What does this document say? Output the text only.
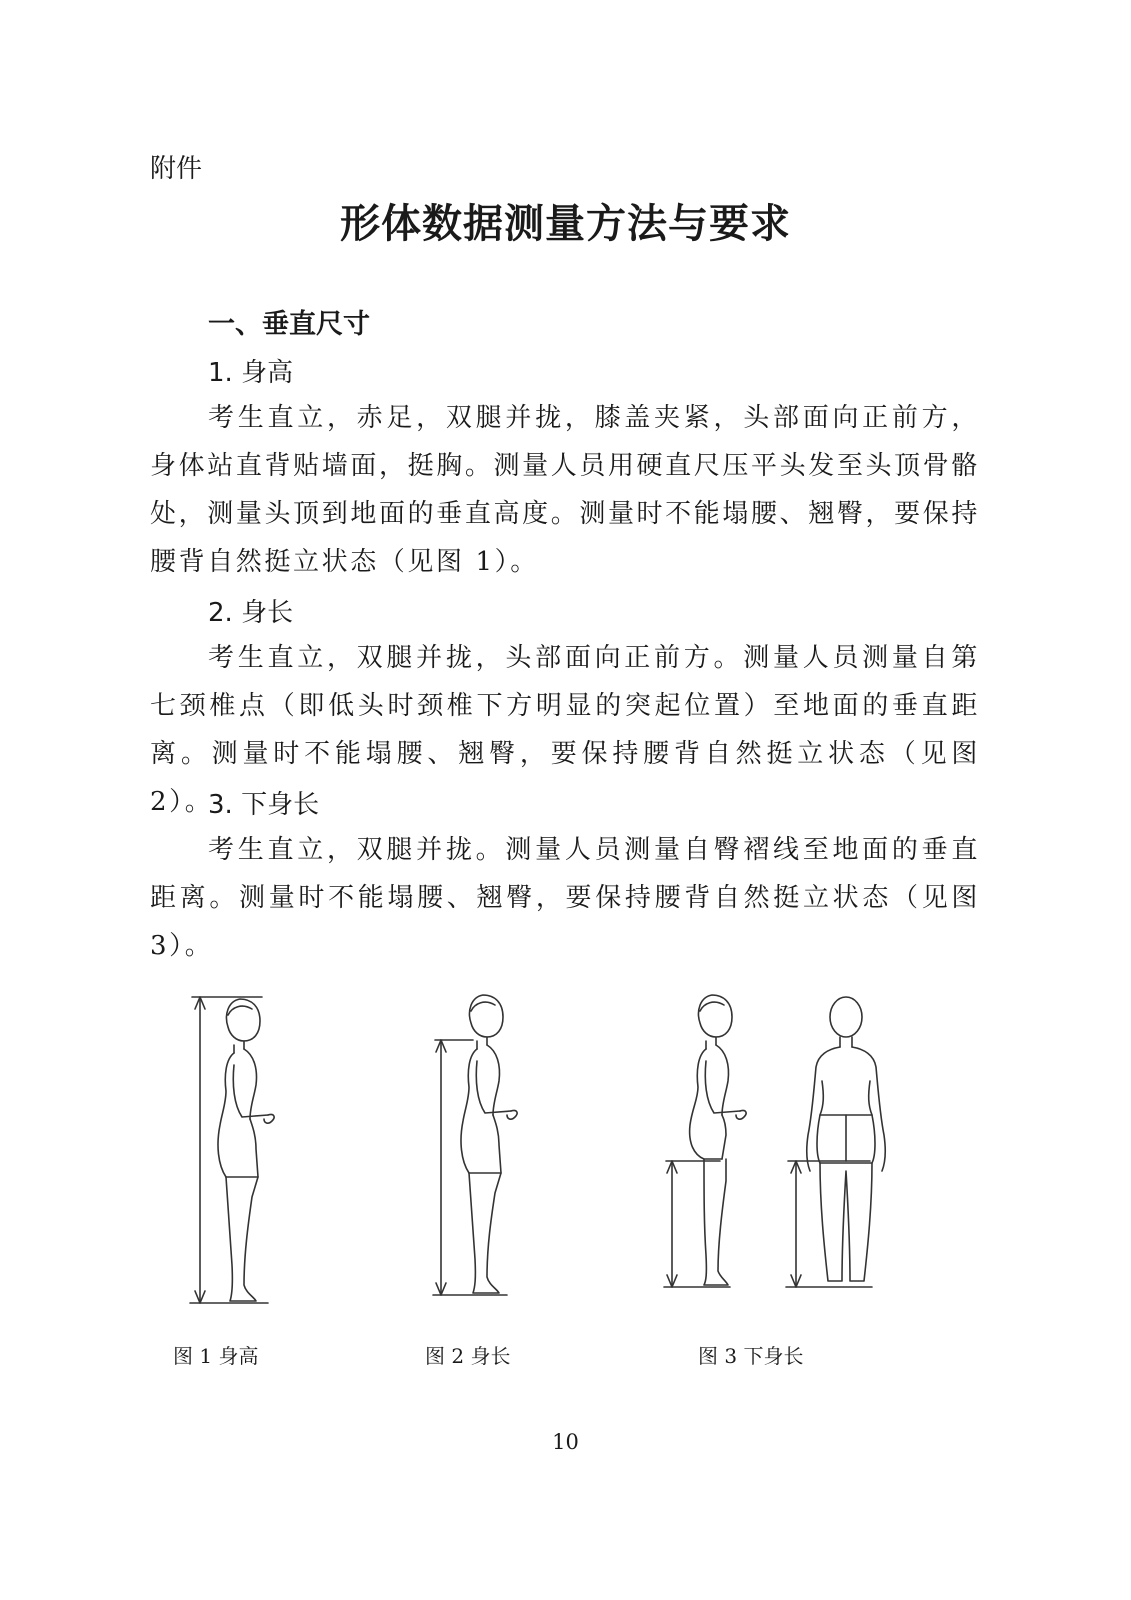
附件
形体数据测量方法与要求
一、垂直尺寸
1. 身高
考生直立，赤足，双腿并拢，膝盖夹紧，头部面向正前方，身体站直背贴墙面，挺胸。测量人员用硬直尺压平头发至头顶骨骼处，测量头顶到地面的垂直高度。测量时不能塌腰、翘臀，要保持腰背自然挺立状态（见图 1）。
2. 身长
考生直立，双腿并拢，头部面向正前方。测量人员测量自第七颈椎点（即低头时颈椎下方明显的突起位置）至地面的垂直距离。测量时不能塌腰、翘臀，要保持腰背自然挺立状态（见图 2）。
3. 下身长
考生直立，双腿并拢。测量人员测量自臀褶线至地面的垂直距离。测量时不能塌腰、翘臀，要保持腰背自然挺立状态（见图 3）。
图 1 身高	图 2 身长	图 3 下身长
10
